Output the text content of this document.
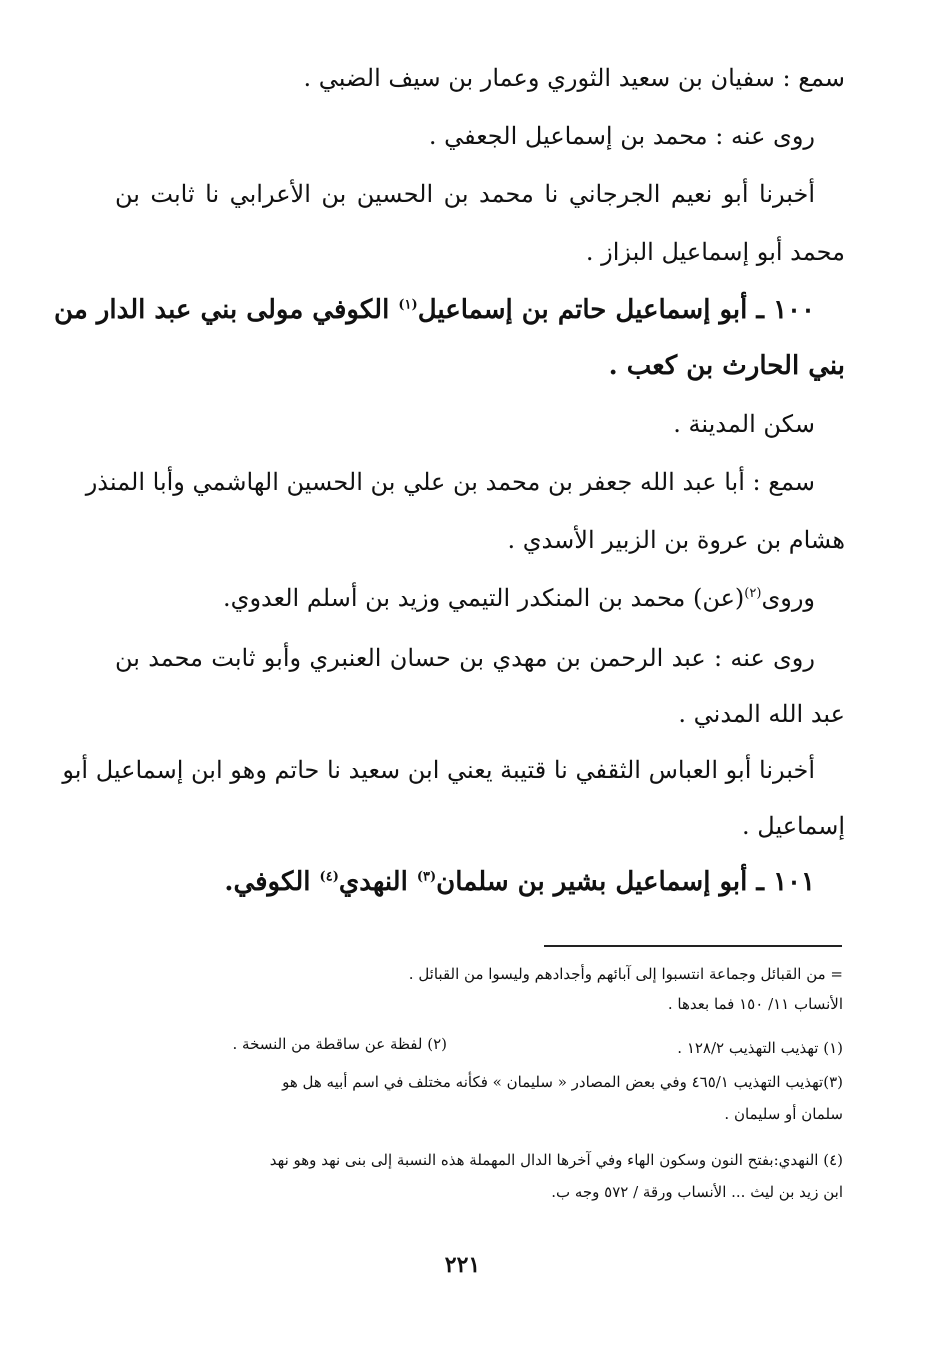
سمع : سفيان بن سعيد الثوري وعمار بن سيف الضبي .
روى عنه : محمد بن إسماعيل الجعفي .
أخبرنا أبو نعيم الجرجاني نا محمد بن الحسين بن الأعرابي نا ثابت بن
محمد أبو إسماعيل البزاز .
١٠٠ ـ أبو إسماعيل حاتم بن إسماعيل$^{(١)}$ الكوفي مولى بني عبد الدار من
بني الحارث بن كعب .
سكن المدينة .
سمع : أبا عبد الله جعفر بن محمد بن علي بن الحسين الهاشمي وأبا المنذر
هشام بن عروة بن الزبير الأسدي .
وروى$^{(٢)}$(عن) محمد بن المنكدر التيمي وزيد بن أسلم العدوي.
روى عنه : عبد الرحمن بن مهدي بن حسان العنبري وأبو ثابت محمد بن
عبد الله المدني .
أخبرنا أبو العباس الثقفي نا قتيبة يعني ابن سعيد نا حاتم وهو ابن إسماعيل أبو
إسماعيل .
١٠١ ـ أبو إسماعيل بشير بن سلمان$^{(٣)}$ النهدي$^{(٤)}$ الكوفي.
= من القبائل وجماعة انتسبوا إلى آبائهم وأجدادهم وليسوا من القبائل .
الأنساب ١١/ ١٥٠ فما بعدها .
(١) تهذيب التهذيب ١٢٨/٢ .
(٢) لفظة عن ساقطة من النسخة .
(٣)تهذيب التهذيب ٤٦٥/١ وفي بعض المصادر « سليمان » فكأنه مختلف في اسم أبيه هل هو
سلمان أو سليمان .
(٤) النهدي:بفتح النون وسكون الهاء وفي آخرها الدال المهملة هذه النسبة إلى بنى نهد وهو نهد
ابن زيد بن ليث ... الأنساب ورقة / ٥٧٢ وجه ب.
٢٢١
